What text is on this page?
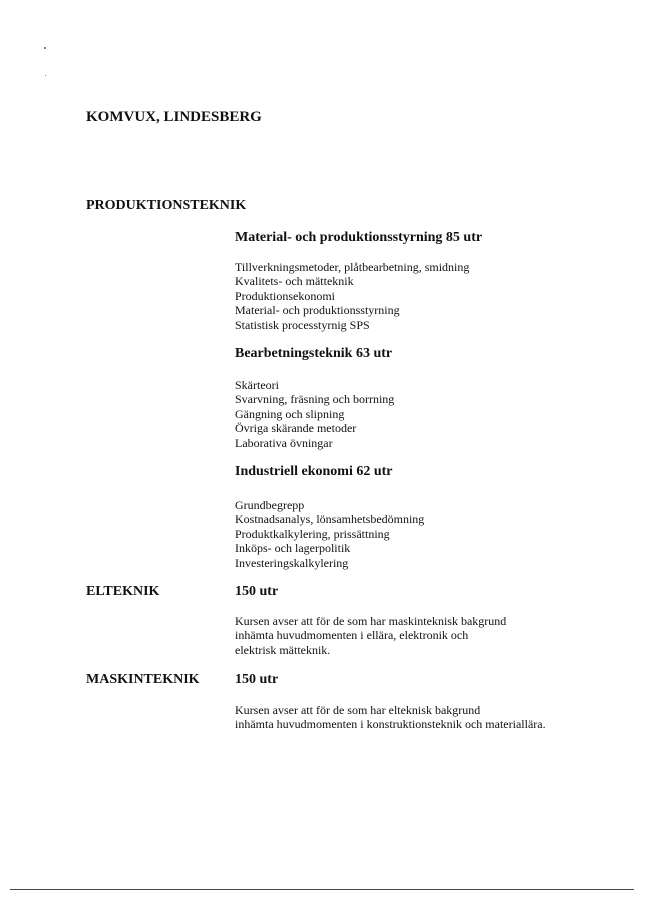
KOMVUX, LINDESBERG
PRODUKTIONSTEKNIK
Material- och produktionsstyrning 85 utr
Tillverkningsmetoder, plåtbearbetning, smidning
Kvalitets- och mätteknik
Produktionsekonomi
Material- och produktionsstyrning
Statistisk processtyrnig SPS
Bearbetningsteknik 63 utr
Skärteori
Svarvning, fräsning och borrning
Gängning och slipning
Övriga skärande metoder
Laborativa övningar
Industriell ekonomi 62 utr
Grundbegrepp
Kostnadsanalys, lönsamhetsbedömning
Produktkalkylering, prissättning
Inköps- och lagerpolitik
Investeringskalkylering
ELTEKNIK	150 utr
Kursen avser att för de som har maskinteknisk bakgrund
inhämta huvudmomenten i ellära, elektronik och
elektrisk mätteknik.
MASKINTEKNIK	150 utr
Kursen avser att för de som har elteknisk bakgrund
inhämta huvudmomenten i konstruktionsteknik och materiallära.
